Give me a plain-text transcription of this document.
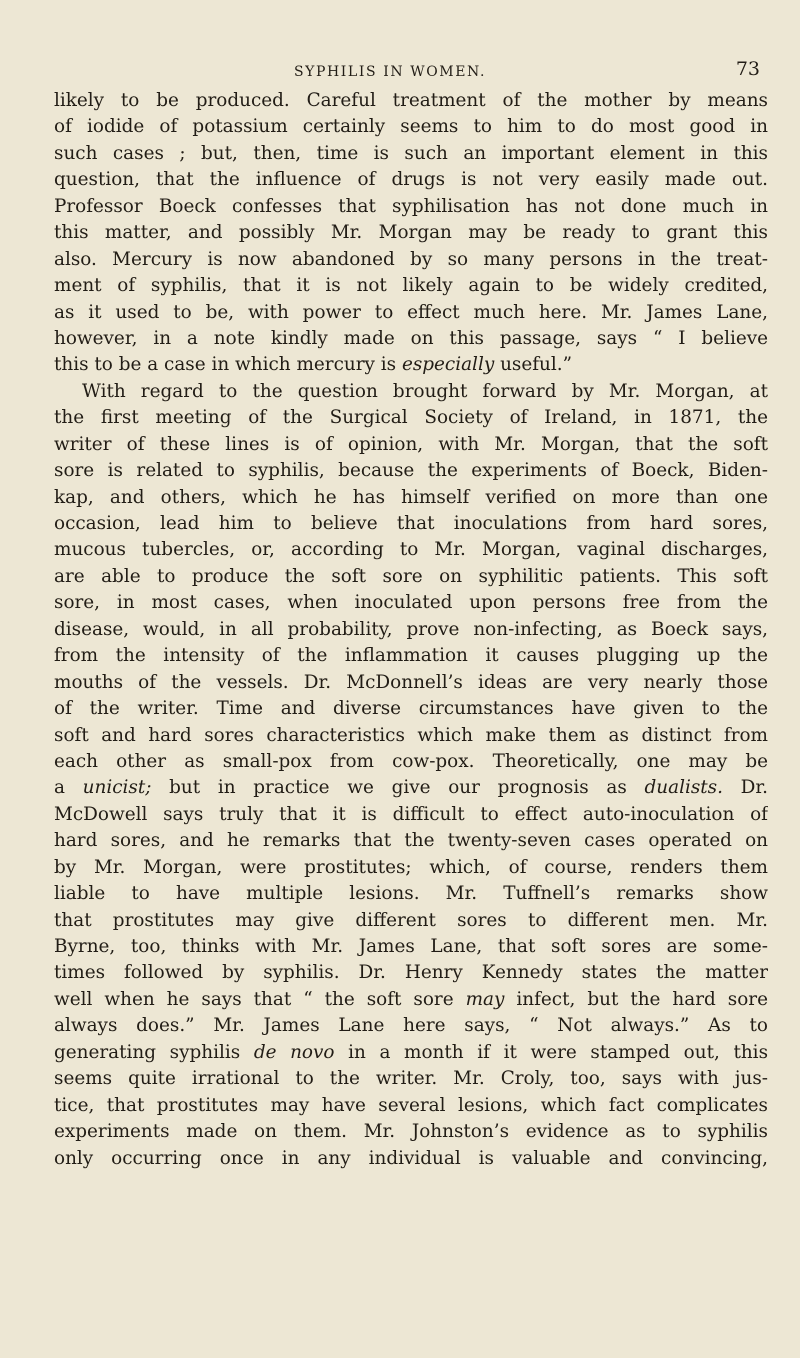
SYPHILIS IN WOMEN.	73
likely to be produced. Careful treatment of the mother by means
of iodide of potassium certainly seems to him to do most good in
such cases ; but, then, time is such an important element in this
question, that the influence of drugs is not very easily made out.
Professor Boeck confesses that syphilisation has not done much in
this matter, and possibly Mr. Morgan may be ready to grant this
also. Mercury is now abandoned by so many persons in the treat-
ment of syphilis, that it is not likely again to be widely credited,
as it used to be, with power to effect much here. Mr. James Lane,
however, in a note kindly made on this passage, says “ I believe
this to be a case in which mercury is especially useful.”
With regard to the question brought forward by Mr. Morgan, at
the first meeting of the Surgical Society of Ireland, in 1871, the
writer of these lines is of opinion, with Mr. Morgan, that the soft
sore is related to syphilis, because the experiments of Boeck, Biden-
kap, and others, which he has himself verified on more than one
occasion, lead him to believe that inoculations from hard sores,
mucous tubercles, or, according to Mr. Morgan, vaginal discharges,
are able to produce the soft sore on syphilitic patients. This soft
sore, in most cases, when inoculated upon persons free from the
disease, would, in all probability, prove non-infecting, as Boeck says,
from the intensity of the inflammation it causes plugging up the
mouths of the vessels. Dr. McDonnell’s ideas are very nearly those
of the writer. Time and diverse circumstances have given to the
soft and hard sores characteristics which make them as distinct from
each other as small-pox from cow-pox. Theoretically, one may be
a unicist; but in practice we give our prognosis as dualists. Dr.
McDowell says truly that it is difficult to effect auto-inoculation of
hard sores, and he remarks that the twenty-seven cases operated on
by Mr. Morgan, were prostitutes; which, of course, renders them
liable to have multiple lesions. Mr. Tuffnell’s remarks show
that prostitutes may give different sores to different men. Mr.
Byrne, too, thinks with Mr. James Lane, that soft sores are some-
times followed by syphilis. Dr. Henry Kennedy states the matter
well when he says that “ the soft sore may infect, but the hard sore
always does.” Mr. James Lane here says, “ Not always.” As to
generating syphilis de novo in a month if it were stamped out, this
seems quite irrational to the writer. Mr. Croly, too, says with jus-
tice, that prostitutes may have several lesions, which fact complicates
experiments made on them. Mr. Johnston’s evidence as to syphilis
only occurring once in any individual is valuable and convincing,
